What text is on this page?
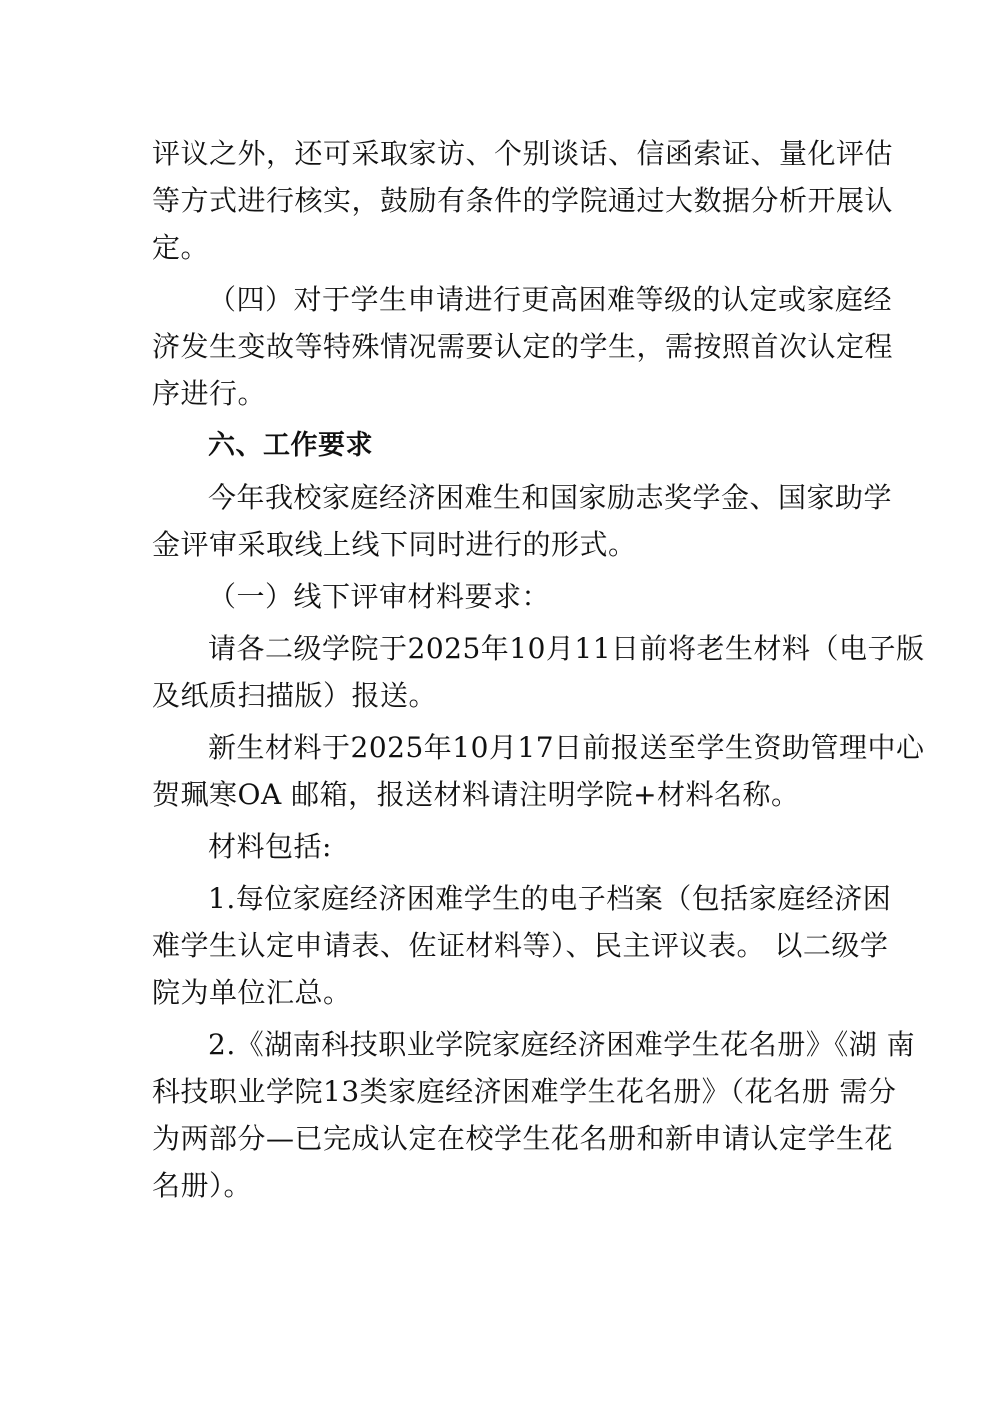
评议之外，还可采取家访、个别谈话、信函索证、量化评估
等方式进行核实，鼓励有条件的学院通过大数据分析开展认
定。
（四）对于学生申请进行更高困难等级的认定或家庭经
济发生变故等特殊情况需要认定的学生，需按照首次认定程
序进行。
六、工作要求
今年我校家庭经济困难生和国家励志奖学金、国家助学
金评审采取线上线下同时进行的形式。
（一）线下评审材料要求：
请各二级学院于2025年10月11日前将老生材料（电子版
及纸质扫描版）报送。
新生材料于2025年10月17日前报送至学生资助管理中心
贺珮寒OA 邮箱，报送材料请注明学院+材料名称。
材料包括:
1.每位家庭经济困难学生的电子档案（包括家庭经济困
难学生认定申请表、佐证材料等）、民主评议表。 以二级学
院为单位汇总。
2.《湖南科技职业学院家庭经济困难学生花名册》《湖 南
科技职业学院13类家庭经济困难学生花名册》（花名册 需分
为两部分—已完成认定在校学生花名册和新申请认定学生花
名册）。
